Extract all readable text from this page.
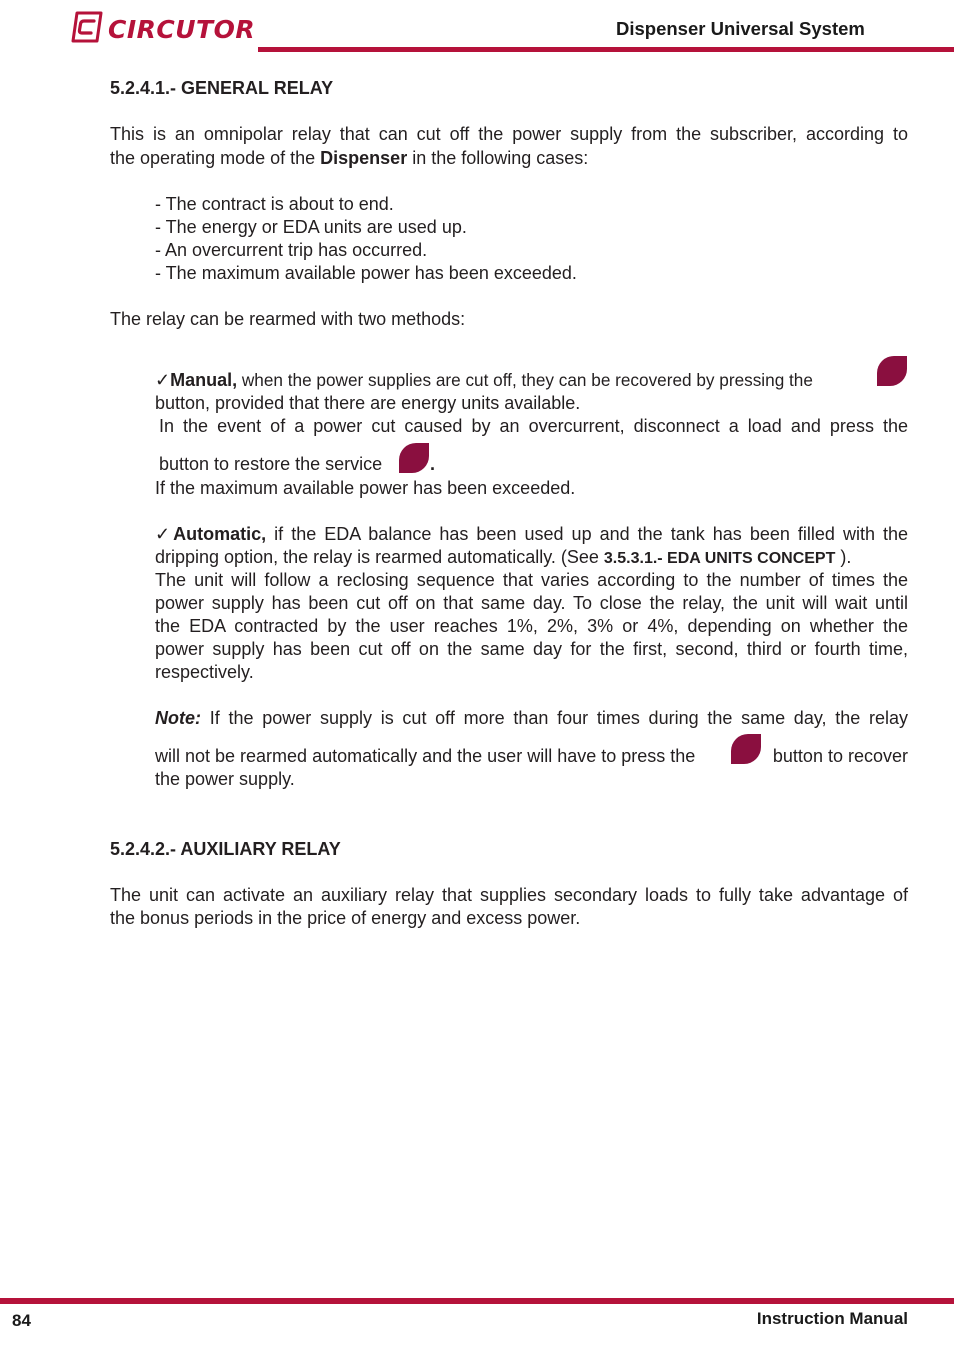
CIRCUTOR	Dispenser Universal System
5.2.4.1.- GENERAL RELAY
This is an omnipolar relay that can cut off the power supply from the subscriber, according to
the operating mode of the Dispenser in the following cases:
- The contract is about to end.
- The energy or EDA units are used up.
- An overcurrent trip has occurred.
- The maximum available power has been exceeded.
The relay can be rearmed with two methods:
✓Manual, when the power supplies are cut off, they can be recovered by pressing the
button, provided that there are energy units available.
In the event of a power cut caused by an overcurrent, disconnect a load and press the
button to restore the service	.
If the maximum available power has been exceeded.
✓Automatic, if the EDA balance has been used up and the tank has been filled with the
dripping option, the relay is rearmed automatically. (See 3.5.3.1.- EDA UNITS CONCEPT ).
The unit will follow a reclosing sequence that varies according to the number of times the
power supply has been cut off on that same day. To close the relay, the unit will wait until
the EDA contracted by the user reaches 1%, 2%, 3% or 4%, depending on whether the
power supply has been cut off on the same day for the first, second, third or fourth time,
respectively.
Note: If the power supply is cut off more than four times during the same day, the relay
will not be rearmed automatically and the user will have to press the	button to recover
the power supply.
5.2.4.2.- AUXILIARY RELAY
The unit can activate an auxiliary relay that supplies secondary loads to fully take advantage of
the bonus periods in the price of energy and excess power.
84	Instruction Manual
